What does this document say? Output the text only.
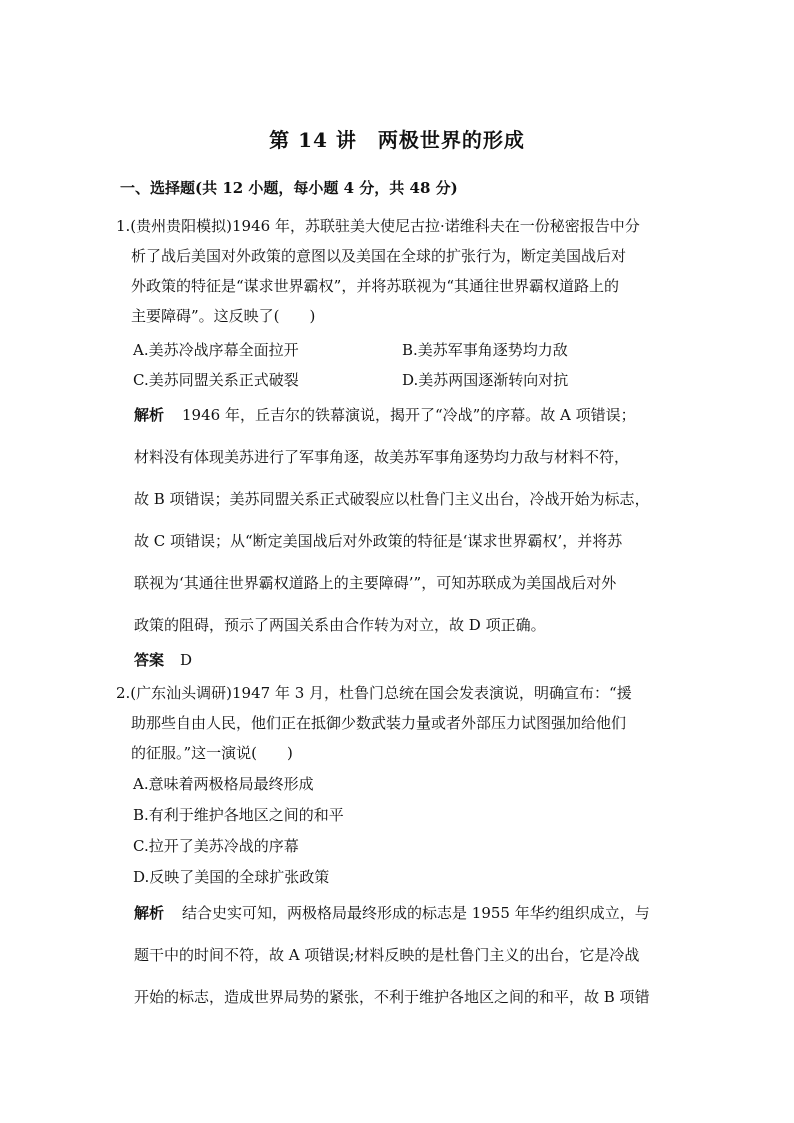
第 14 讲　两极世界的形成
一、选择题(共 12 小题，每小题 4 分，共 48 分)
1.(贵州贵阳模拟)1946 年，苏联驻美大使尼古拉·诺维科夫在一份秘密报告中分
析了战后美国对外政策的意图以及美国在全球的扩张行为，断定美国战后对
外政策的特征是“谋求世界霸权”，并将苏联视为“其通往世界霸权道路上的
主要障碍”。这反映了(　　)
A.美苏冷战序幕全面拉开	B.美苏军事角逐势均力敌
C.美苏同盟关系正式破裂	D.美苏两国逐渐转向对抗
解析 1946 年，丘吉尔的铁幕演说，揭开了“冷战”的序幕。故 A 项错误；
材料没有体现美苏进行了军事角逐，故美苏军事角逐势均力敌与材料不符，
故 B 项错误；美苏同盟关系正式破裂应以杜鲁门主义出台，冷战开始为标志，
故 C 项错误；从“断定美国战后对外政策的特征是‘谋求世界霸权’，并将苏
联视为‘其通往世界霸权道路上的主要障碍’”，可知苏联成为美国战后对外
政策的阻碍，预示了两国关系由合作转为对立，故 D 项正确。
答案 D
2.(广东汕头调研)1947 年 3 月，杜鲁门总统在国会发表演说，明确宣布：“援
助那些自由人民，他们正在抵御少数武装力量或者外部压力试图强加给他们
的征服。”这一演说(　　)
A.意味着两极格局最终形成
B.有利于维护各地区之间的和平
C.拉开了美苏冷战的序幕
D.反映了美国的全球扩张政策
解析 结合史实可知，两极格局最终形成的标志是 1955 年华约组织成立，与
题干中的时间不符，故 A 项错误;材料反映的是杜鲁门主义的出台，它是冷战
开始的标志，造成世界局势的紧张，不利于维护各地区之间的和平，故 B 项错
